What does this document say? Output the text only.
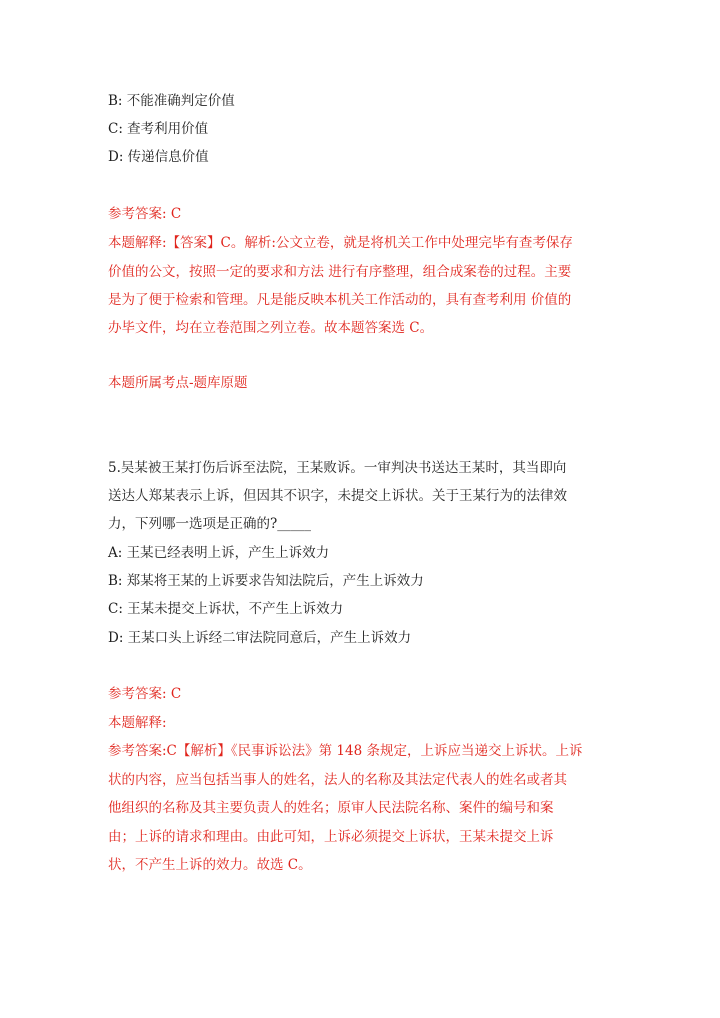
B: 不能准确判定价值
C: 查考利用价值
D: 传递信息价值
参考答案: C
本题解释:【答案】C。解析:公文立卷，就是将机关工作中处理完毕有查考保存
价值的公文，按照一定的要求和方法 进行有序整理，组合成案卷的过程。主要
是为了便于检索和管理。凡是能反映本机关工作活动的，具有查考利用 价值的
办毕文件，均在立卷范围之列立卷。故本题答案选 C。
本题所属考点-题库原题
5.吴某被王某打伤后诉至法院，王某败诉。一审判决书送达王某时，其当即向
送达人郑某表示上诉，但因其不识字，未提交上诉状。关于王某行为的法律效
力，下列哪一选项是正确的?_____
A: 王某已经表明上诉，产生上诉效力
B: 郑某将王某的上诉要求告知法院后，产生上诉效力
C: 王某未提交上诉状，不产生上诉效力
D: 王某口头上诉经二审法院同意后，产生上诉效力
参考答案: C
本题解释:
参考答案:C【解析】《民事诉讼法》第 148 条规定，上诉应当递交上诉状。上诉
状的内容，应当包括当事人的姓名，法人的名称及其法定代表人的姓名或者其
他组织的名称及其主要负责人的姓名；原审人民法院名称、案件的编号和案
由；上诉的请求和理由。由此可知，上诉必须提交上诉状，王某未提交上诉
状，不产生上诉的效力。故选 C。
